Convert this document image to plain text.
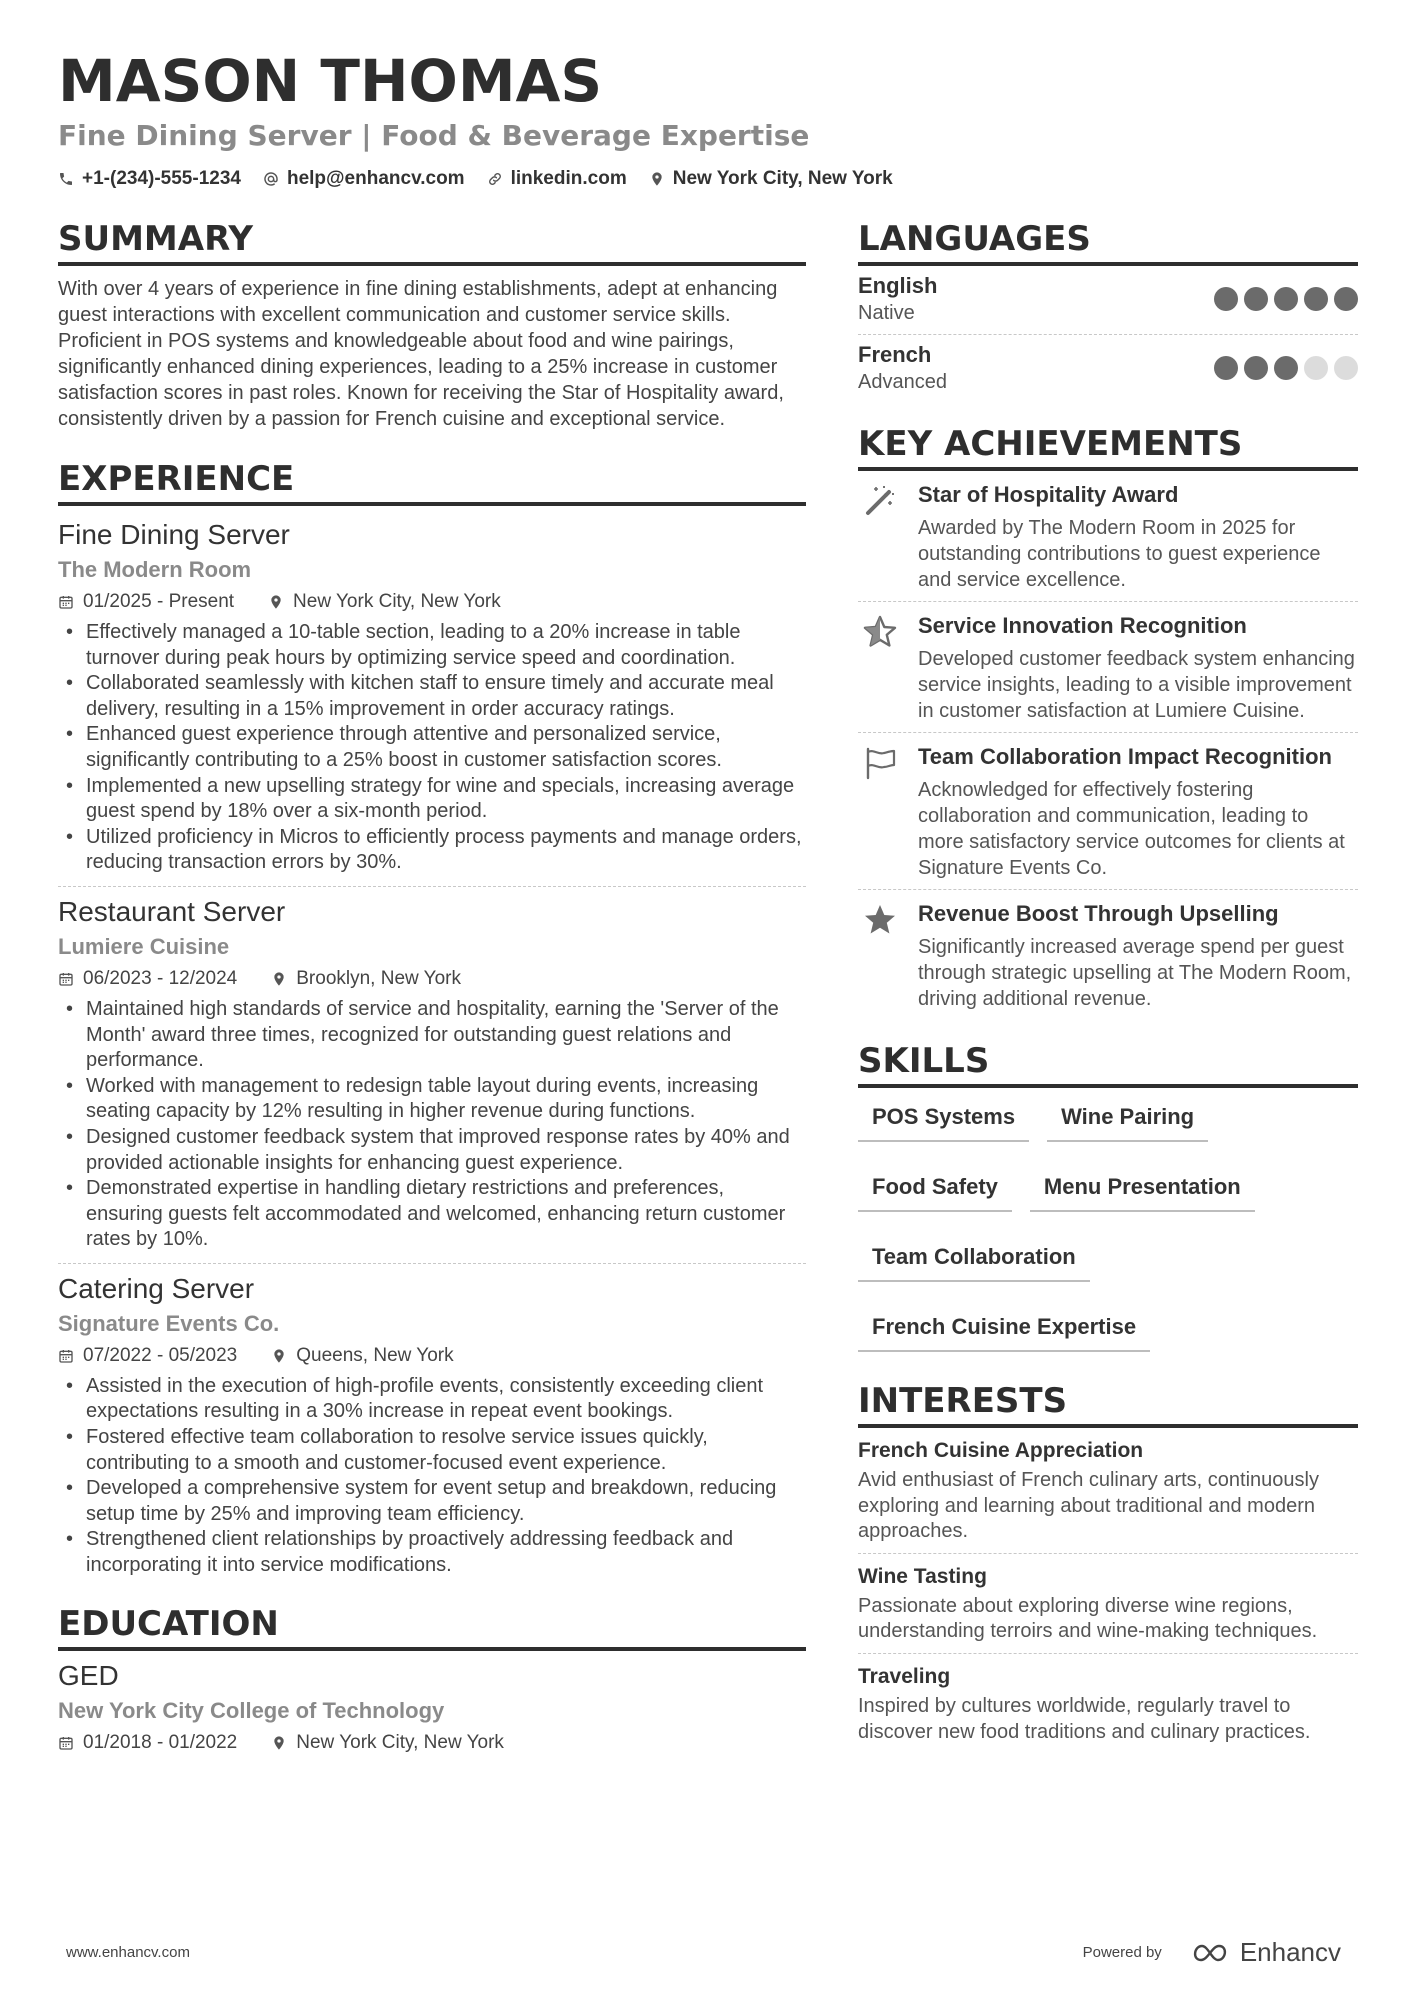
MASON THOMAS
Fine Dining Server | Food & Beverage Expertise
+1-(234)-555-1234 help@enhancv.com linkedin.com New York City, New York
SUMMARY
With over 4 years of experience in fine dining establishments, adept at enhancing guest interactions with excellent communication and customer service skills. Proficient in POS systems and knowledgeable about food and wine pairings, significantly enhanced dining experiences, leading to a 25% increase in customer satisfaction scores in past roles. Known for receiving the Star of Hospitality award, consistently driven by a passion for French cuisine and exceptional service.
EXPERIENCE
Fine Dining Server
The Modern Room
01/2025 - Present	New York City, New York
• Effectively managed a 10-table section, leading to a 20% increase in table turnover during peak hours by optimizing service speed and coordination.
• Collaborated seamlessly with kitchen staff to ensure timely and accurate meal delivery, resulting in a 15% improvement in order accuracy ratings.
• Enhanced guest experience through attentive and personalized service, significantly contributing to a 25% boost in customer satisfaction scores.
• Implemented a new upselling strategy for wine and specials, increasing average guest spend by 18% over a six-month period.
• Utilized proficiency in Micros to efficiently process payments and manage orders, reducing transaction errors by 30%.
Restaurant Server
Lumiere Cuisine
06/2023 - 12/2024	Brooklyn, New York
• Maintained high standards of service and hospitality, earning the 'Server of the Month' award three times, recognized for outstanding guest relations and performance.
• Worked with management to redesign table layout during events, increasing seating capacity by 12% resulting in higher revenue during functions.
• Designed customer feedback system that improved response rates by 40% and provided actionable insights for enhancing guest experience.
• Demonstrated expertise in handling dietary restrictions and preferences, ensuring guests felt accommodated and welcomed, enhancing return customer rates by 10%.
Catering Server
Signature Events Co.
07/2022 - 05/2023	Queens, New York
• Assisted in the execution of high-profile events, consistently exceeding client expectations resulting in a 30% increase in repeat event bookings.
• Fostered effective team collaboration to resolve service issues quickly, contributing to a smooth and customer-focused event experience.
• Developed a comprehensive system for event setup and breakdown, reducing setup time by 25% and improving team efficiency.
• Strengthened client relationships by proactively addressing feedback and incorporating it into service modifications.
EDUCATION
GED
New York City College of Technology
01/2018 - 01/2022	New York City, New York
LANGUAGES
English
Native
French
Advanced
KEY ACHIEVEMENTS
Star of Hospitality Award
Awarded by The Modern Room in 2025 for outstanding contributions to guest experience and service excellence.
Service Innovation Recognition
Developed customer feedback system enhancing service insights, leading to a visible improvement in customer satisfaction at Lumiere Cuisine.
Team Collaboration Impact Recognition
Acknowledged for effectively fostering collaboration and communication, leading to more satisfactory service outcomes for clients at Signature Events Co.
Revenue Boost Through Upselling
Significantly increased average spend per guest through strategic upselling at The Modern Room, driving additional revenue.
SKILLS
POS Systems	Wine Pairing
Food Safety	Menu Presentation
Team Collaboration
French Cuisine Expertise
INTERESTS
French Cuisine Appreciation
Avid enthusiast of French culinary arts, continuously exploring and learning about traditional and modern approaches.
Wine Tasting
Passionate about exploring diverse wine regions, understanding terroirs and wine-making techniques.
Traveling
Inspired by cultures worldwide, regularly travel to discover new food traditions and culinary practices.
www.enhancv.com	Powered by	Enhancv
